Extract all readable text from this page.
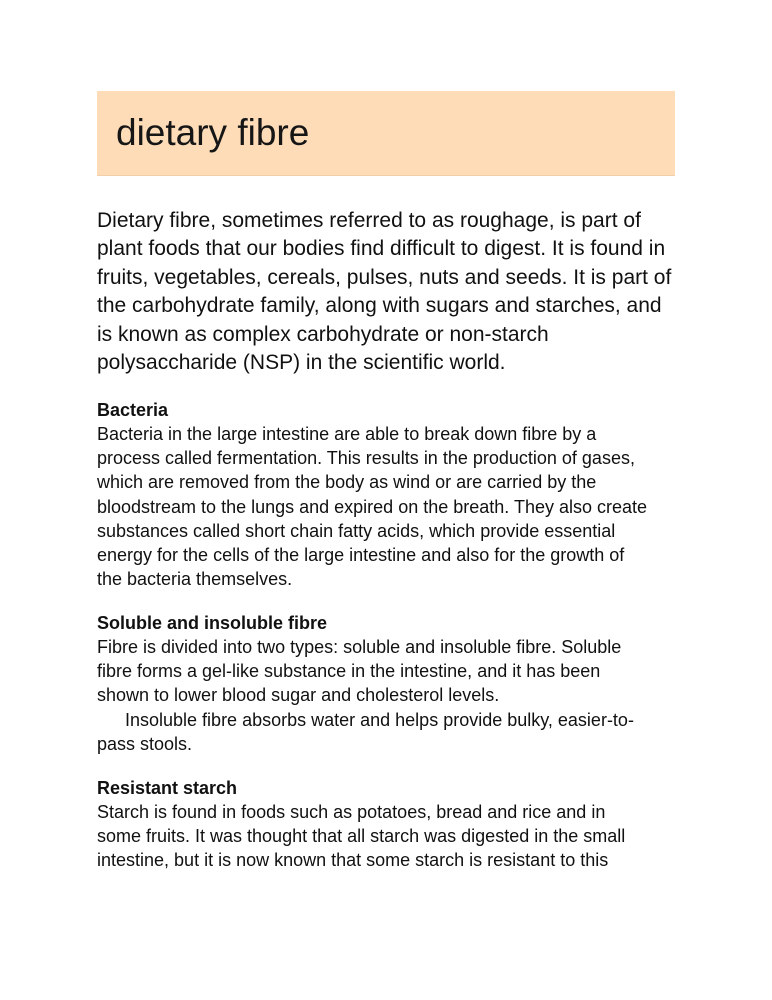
dietary fibre

Dietary fibre, sometimes referred to as roughage, is part of
plant foods that our bodies find difficult to digest. It is found in
fruits, vegetables, cereals, pulses, nuts and seeds. It is part of
the carbohydrate family, along with sugars and starches, and
is known as complex carbohydrate or non-starch
polysaccharide (NSP) in the scientific world.

Bacteria

Bacteria in the large intestine are able to break down fibre by a
process called fermentation. This results in the production of gases,
which are removed from the body as wind or are carried by the
bloodstream to the lungs and expired on the breath. They also create
substances called short chain fatty acids, which provide essential
energy for the cells of the large intestine and also for the growth of
the bacteria themselves.

Soluble and insoluble fibre

Fibre is divided into two types: soluble and insoluble fibre. Soluble
fibre forms a gel-like substance in the intestine, and it has been
shown to lower blood sugar and cholesterol levels.

Insoluble fibre absorbs water and helps provide bulky, easier-to-
pass stools.

Resistant starch

Starch is found in foods such as potatoes, bread and rice and in
some fruits. It was thought that all starch was digested in the small
intestine, but it is now known that some starch is resistant to this
